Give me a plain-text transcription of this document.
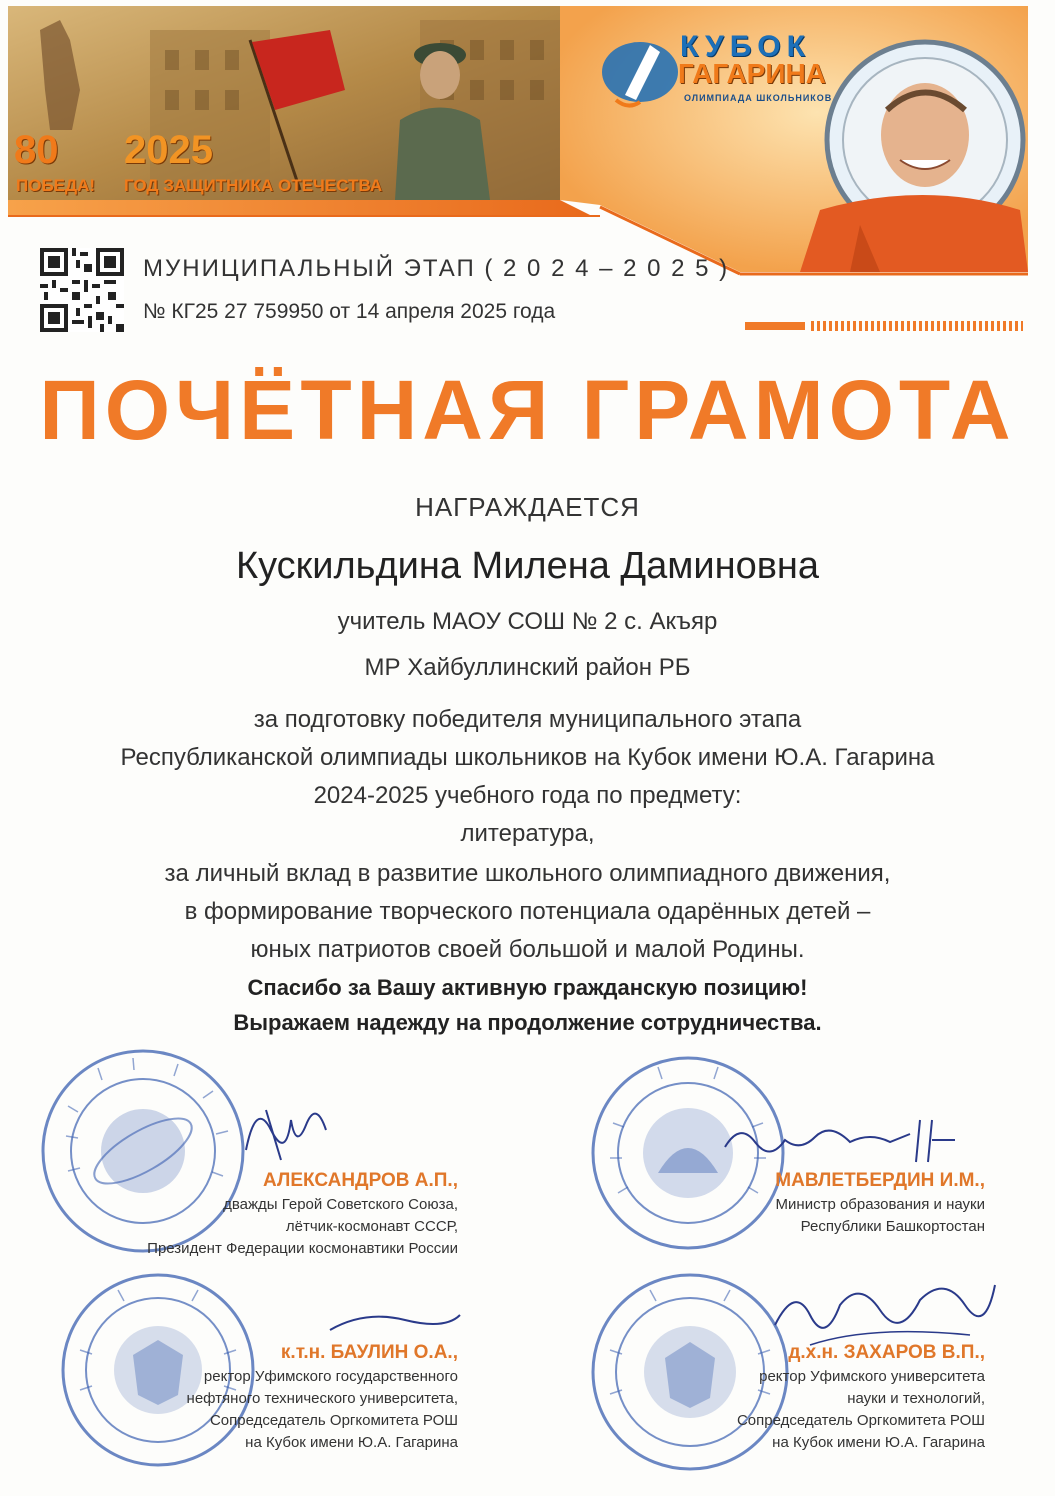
80 2025
ПОБЕДА! ГОД ЗАЩИТНИКА ОТЕЧЕСТВА
КУБОК
ГАГАРИНА
ОЛИМПИАДА ШКОЛЬНИКОВ
МУНИЦИПАЛЬНЫЙ ЭТАП ( 2 0 2 4 – 2 0 2 5 )
№ КГ25 27 759950 от 14 апреля 2025 года
ПОЧЁТНАЯ ГРАМОТА
НАГРАЖДАЕТСЯ
Кускильдина Милена Даминовна
учитель МАОУ СОШ № 2 с. Акъяр
МР Хайбуллинский район РБ
за подготовку победителя муниципального этапа
Республиканской олимпиады школьников на Кубок имени Ю.А. Гагарина
2024-2025 учебного года по предмету:
литература,
за личный вклад в развитие школьного олимпиадного движения,
в формирование творческого потенциала одарённых детей –
юных патриотов своей большой и малой Родины.
Спасибо за Вашу активную гражданскую позицию!
Выражаем надежду на продолжение сотрудничества.
АЛЕКСАНДРОВ А.П.,
дважды Герой Советского Союза,
лётчик-космонавт СССР,
Президент Федерации космонавтики России
МАВЛЕТБЕРДИН И.М.,
Министр образования и науки
Республики Башкортостан
к.т.н. БАУЛИН О.А.,
ректор Уфимского государственного
нефтяного технического университета,
Сопредседатель Оргкомитета РОШ
на Кубок имени Ю.А. Гагарина
д.х.н. ЗАХАРОВ В.П.,
ректор Уфимского университета
науки и технологий,
Сопредседатель Оргкомитета РОШ
на Кубок имени Ю.А. Гагарина
